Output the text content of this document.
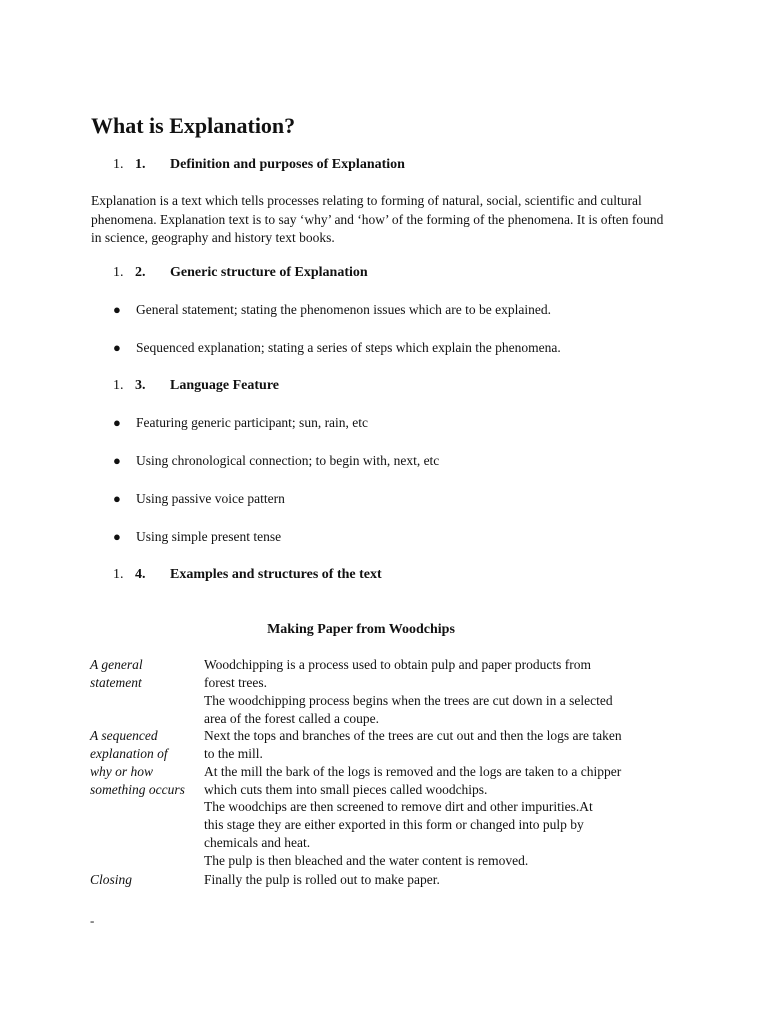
What is Explanation?
1. 1. Definition and purposes of Explanation

Explanation is a text which tells processes relating to forming of natural, social, scientific and cultural phenomena. Explanation text is to say ‘why’ and ‘how’ of the forming of the phenomena. It is often found in science, geography and history text books.

1. 2. Generic structure of Explanation
● General statement; stating the phenomenon issues which are to be explained.
● Sequenced explanation; stating a series of steps which explain the phenomena.
1. 3. Language Feature
● Featuring generic participant; sun, rain, etc
● Using chronological connection; to begin with, next, etc
● Using passive voice pattern
● Using simple present tense
1. 4. Examples and structures of the text
Making Paper from Woodchips
A general statement
A sequenced explanation of why or how something occurs
Closing
Woodchipping is a process used to obtain pulp and paper products from forest trees.
The woodchipping process begins when the trees are cut down in a selected area of the forest called a coupe.
Next the tops and branches of the trees are cut out and then the logs are taken to the mill.
At the mill the bark of the logs is removed and the logs are taken to a chipper which cuts them into small pieces called woodchips.
The woodchips are then screened to remove dirt and other impurities.At this stage they are either exported in this form or changed into pulp by chemicals and heat.
The pulp is then bleached and the water content is removed.
Finally the pulp is rolled out to make paper.
-
